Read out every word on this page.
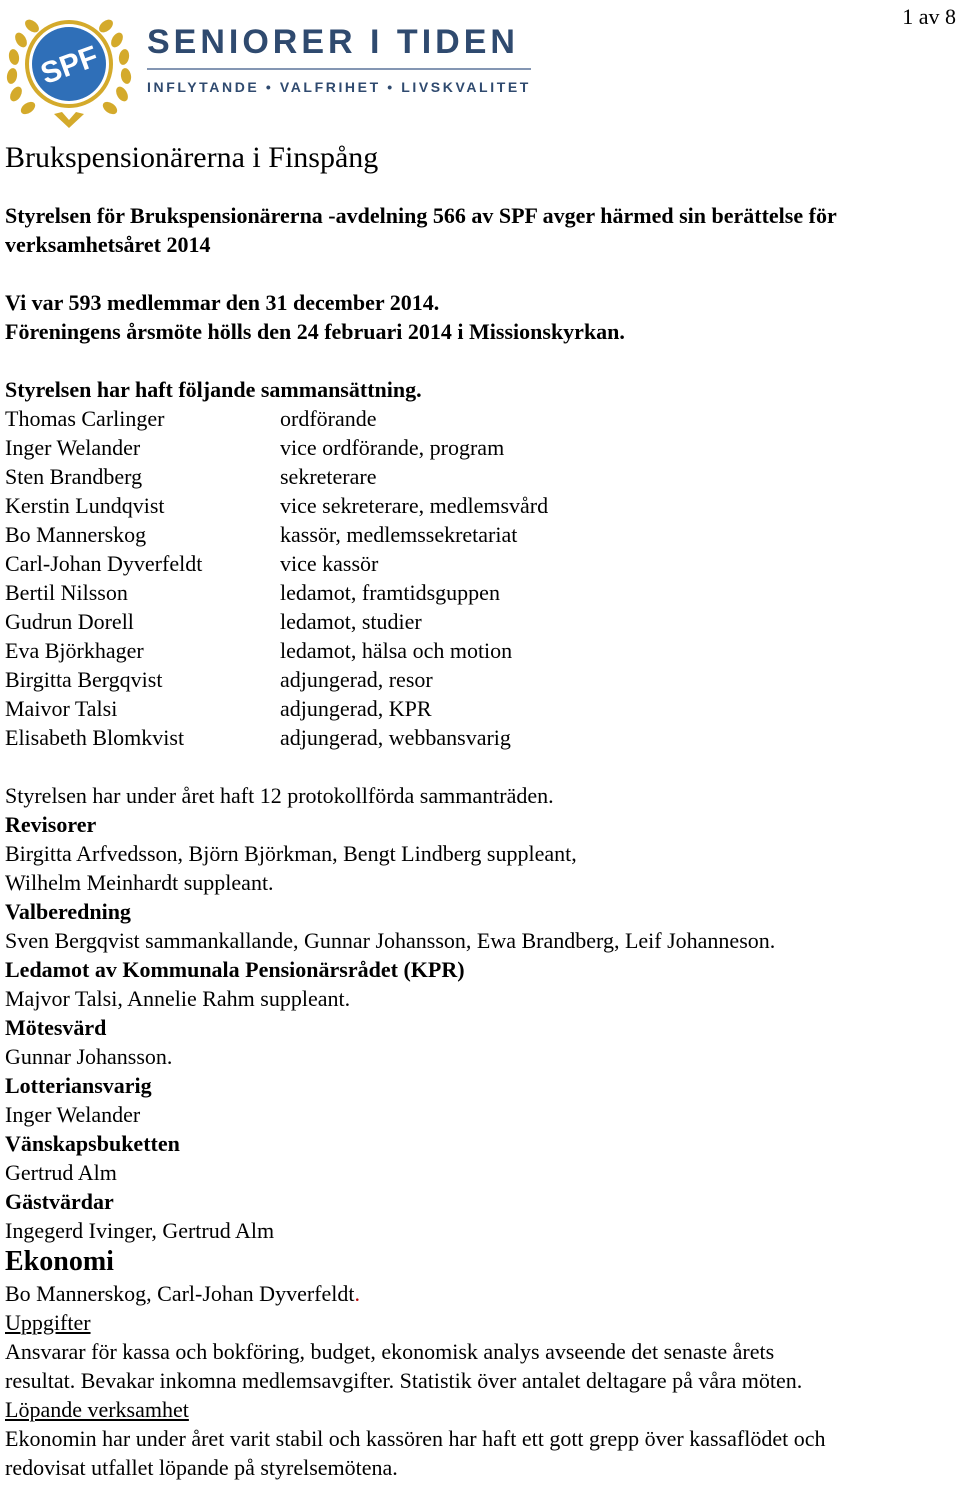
1 av 8
SPF SENIORER I TIDEN
INFLYTANDE • VALFRIHET • LIVSKVALITET
Brukspensionärerna i Finspång

Styrelsen för Brukspensionärerna -avdelning 566 av SPF avger härmed sin berättelse för verksamhetsåret 2014

Vi var 593 medlemmar den 31 december 2014.

Föreningens årsmöte hölls den 24 februari 2014 i Missionskyrkan.

Styrelsen har haft följande sammansättning.

Thomas Carlinger	ordförande
Inger Welander	vice ordförande, program
Sten Brandberg	sekreterare
Kerstin Lundqvist	vice sekreterare, medlemsvård
Bo Mannerskog	kassör, medlemssekretariat
Carl-Johan Dyverfeldt	vice kassör
Bertil Nilsson	ledamot, framtidsguppen
Gudrun Dorell	ledamot, studier
Eva Björkhager	ledamot, hälsa och motion
Birgitta Bergqvist	adjungerad, resor
Maivor Talsi	adjungerad, KPR
Elisabeth Blomkvist	adjungerad, webbansvarig

Styrelsen har under året haft 12 protokollförda sammanträden.

Revisorer

Birgitta Arfvedsson, Björn Björkman, Bengt Lindberg suppleant,

Wilhelm Meinhardt suppleant.

Valberedning

Sven Bergqvist sammankallande, Gunnar Johansson, Ewa Brandberg, Leif Johanneson.

Ledamot av Kommunala Pensionärsrådet (KPR)

Majvor Talsi, Annelie Rahm suppleant.

Mötesvärd

Gunnar Johansson.

Lotteriansvarig

Inger Welander

Vänskapsbuketten

Gertrud Alm

Gästvärdar

Ingegerd Ivinger, Gertrud Alm

Ekonomi

Bo Mannerskog, Carl-Johan Dyverfeldt.

Uppgifter

Ansvarar för kassa och bokföring, budget, ekonomisk analys avseende det senaste årets

resultat. Bevakar inkomna medlemsavgifter. Statistik över antalet deltagare på våra möten.

Löpande verksamhet

Ekonomin har under året varit stabil och kassören har haft ett gott grepp över kassaflödet och

redovisat utfallet löpande på styrelsemötena.
